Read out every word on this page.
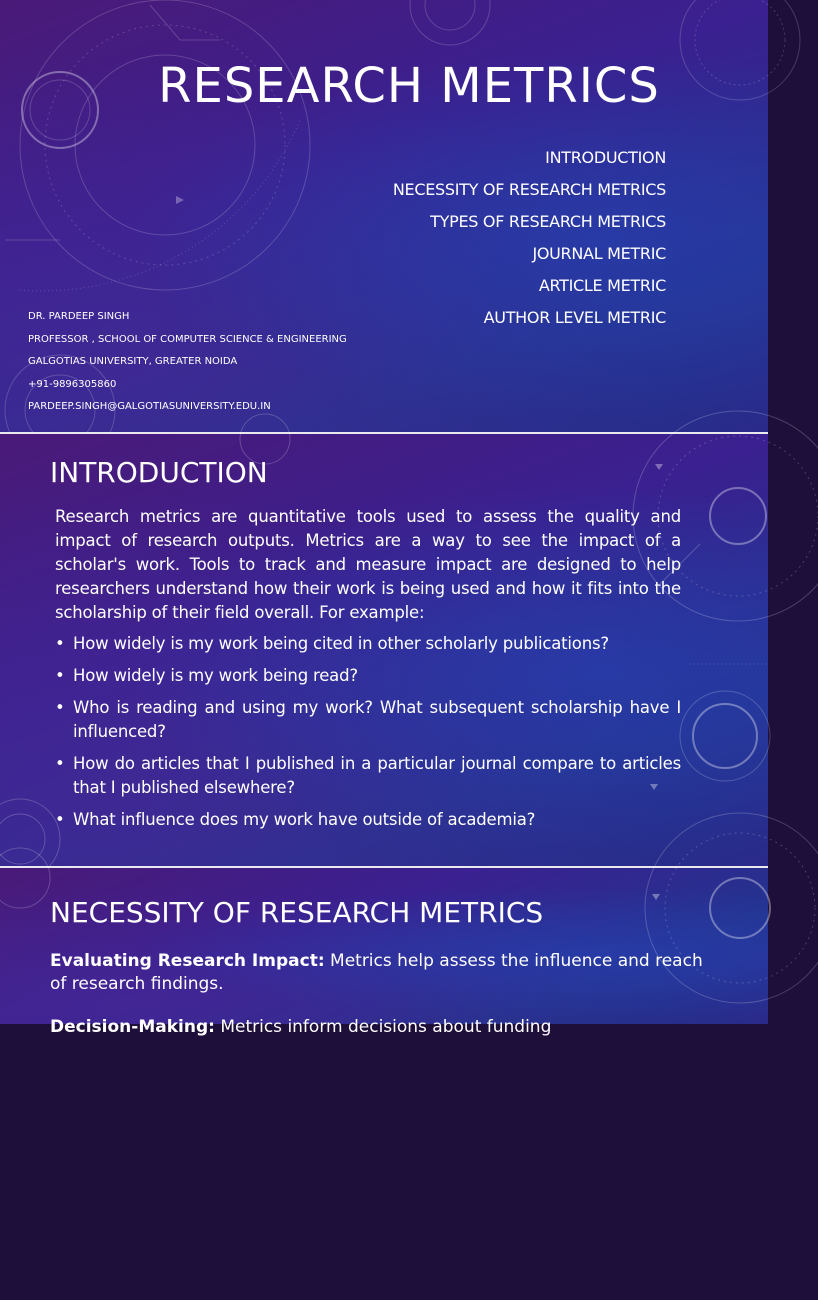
RESEARCH METRICS
INTRODUCTION
NECESSITY OF RESEARCH METRICS
TYPES OF RESEARCH METRICS
JOURNAL METRIC
ARTICLE METRIC
AUTHOR LEVEL METRIC
DR. PARDEEP SINGH
PROFESSOR , SCHOOL OF COMPUTER SCIENCE & ENGINEERING
GALGOTIAS UNIVERSITY, GREATER NOIDA
+91-9896305860
PARDEEP.SINGH@GALGOTIASUNIVERSITY.EDU.IN
INTRODUCTION
Research metrics are quantitative tools used to assess the quality and impact of research outputs. Metrics are a way to see the impact of a scholar's work. Tools to track and measure impact are designed to help researchers understand how their work is being used and how it fits into the scholarship of their field overall. For example:
• How widely is my work being cited in other scholarly publications?
• How widely is my work being read?
• Who is reading and using my work? What subsequent scholarship have I influenced?
• How do articles that I published in a particular journal compare to articles that I published elsewhere?
• What influence does my work have outside of academia?
NECESSITY OF RESEARCH METRICS
Evaluating Research Impact: Metrics help assess the influence and reach of research findings.
Decision-Making: Metrics inform decisions about funding
